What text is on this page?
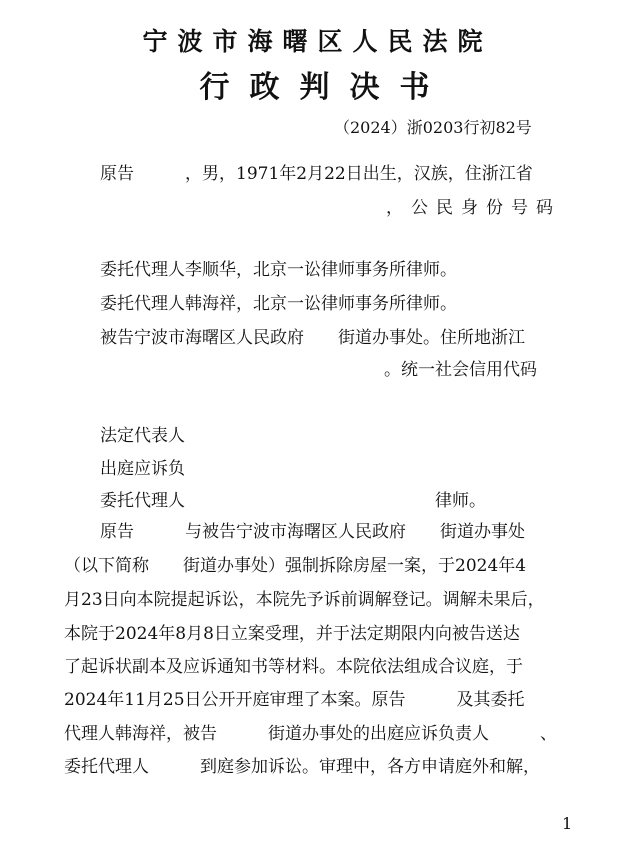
宁波市海曙区人民法院
行政判决书
（2024）浙0203行初82号
原告　　　，男，1971年2月22日出生，汉族，住浙江省
，公民身份号码
委托代理人李顺华，北京一讼律师事务所律师。
委托代理人韩海祥，北京一讼律师事务所律师。
被告宁波市海曙区人民政府　　街道办事处。住所地浙江
。统一社会信用代码
法定代表人
出庭应诉负
委托代理人	律师。
原告　　　与被告宁波市海曙区人民政府　　街道办事处
（以下简称　　街道办事处）强制拆除房屋一案，于2024年4
月23日向本院提起诉讼，本院先予诉前调解登记。调解未果后，
本院于2024年8月8日立案受理，并于法定期限内向被告送达
了起诉状副本及应诉通知书等材料。本院依法组成合议庭，于
2024年11月25日公开开庭审理了本案。原告　　　及其委托
代理人韩海祥，被告　　　街道办事处的出庭应诉负责人　　　、
委托代理人　　　到庭参加诉讼。审理中，各方申请庭外和解，
1
